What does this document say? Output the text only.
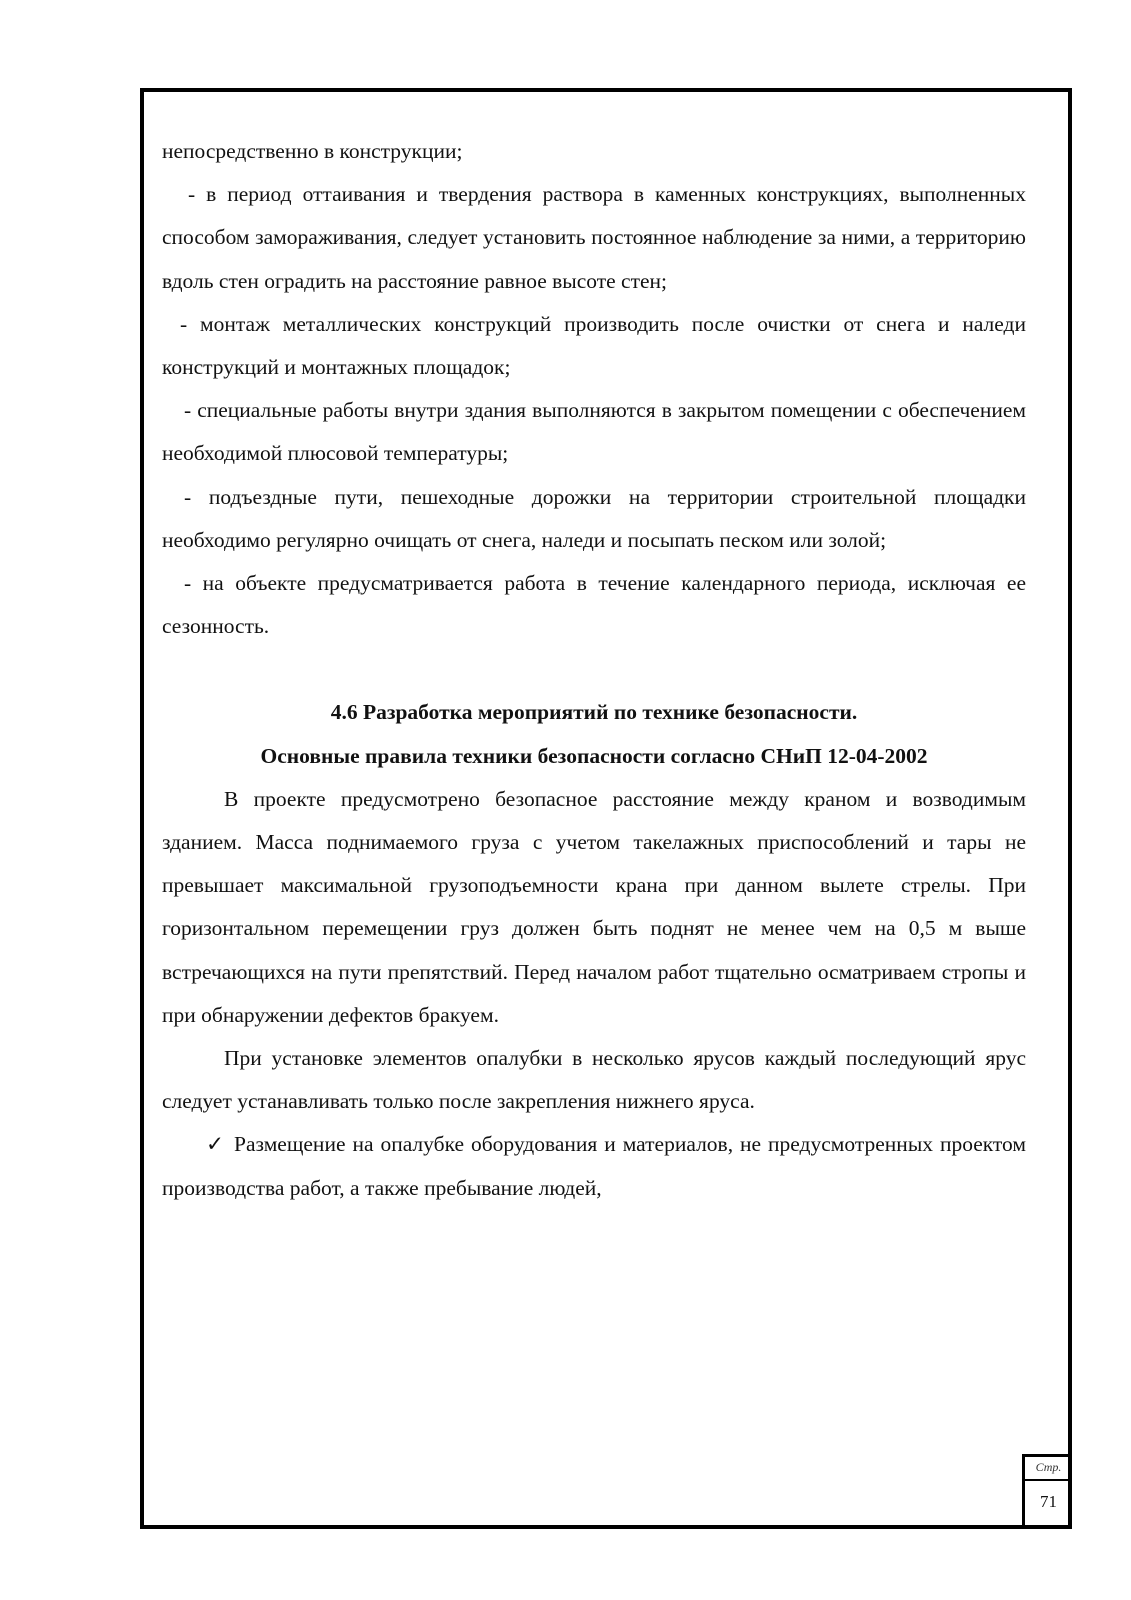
непосредственно в конструкции;

- в период оттаивания и твердения раствора в каменных конструкциях, выполненных способом замораживания, следует установить постоянное наблюдение за ними, а территорию вдоль стен оградить на расстояние равное высоте стен;

- монтаж металлических конструкций производить после очистки от снега и наледи конструкций и монтажных площадок;

- специальные работы внутри здания выполняются в закрытом помещении с обеспечением необходимой плюсовой температуры;

- подъездные пути, пешеходные дорожки на территории строительной площадки необходимо регулярно очищать от снега, наледи и посыпать песком или золой;

- на объекте предусматривается работа в течение календарного периода, исключая ее сезонность.

4.6 Разработка мероприятий по технике безопасности.
Основные правила техники безопасности согласно СНиП 12-04-2002

В проекте предусмотрено безопасное расстояние между краном и возводимым зданием. Масса поднимаемого груза с учетом такелажных приспособлений и тары не превышает максимальной грузоподъемности крана при данном вылете стрелы. При горизонтальном перемещении груз должен быть поднят не менее чем на 0,5 м выше встречающихся на пути препятствий. Перед началом работ тщательно осматриваем стропы и при обнаружении дефектов бракуем.

При установке элементов опалубки в несколько ярусов каждый последующий ярус следует устанавливать только после закрепления нижнего яруса.

✓ Размещение на опалубке оборудования и материалов, не предусмотренных проектом производства работ, а также пребывание людей,

Стр.
71
